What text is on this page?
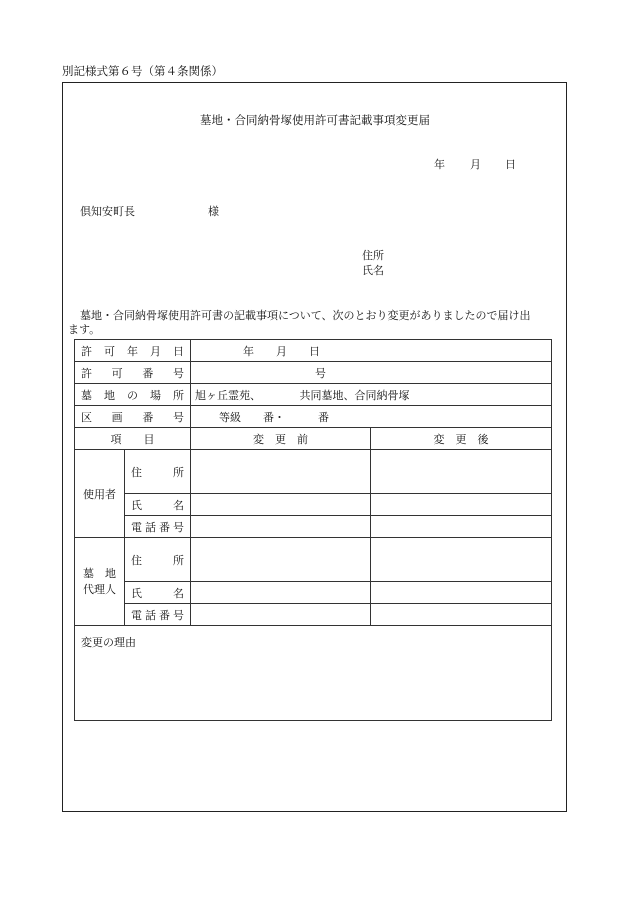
別記様式第６号（第４条関係）
墓地・合同納骨塚使用許可書記載事項変更届
年 月 日
倶知安町長	様
住所
氏名
墓地・合同納骨塚使用許可書の記載事項について、次のとおり変更がありましたので届け出
ます。
許可年月日		年　　月　　日	

許可番号		号	

墓地の場所		旭ヶ丘霊苑、　　　　共同墓地、合同納骨塚	

区画番号		等級　　番・　　　番	
項　　目		変　更　前	変　更　後
使用者	住　　所		

	氏　　名		

	電話番号		

墓　地
代理人	住　　所		

	氏　　名		

	電話番号		

変更の理由			
